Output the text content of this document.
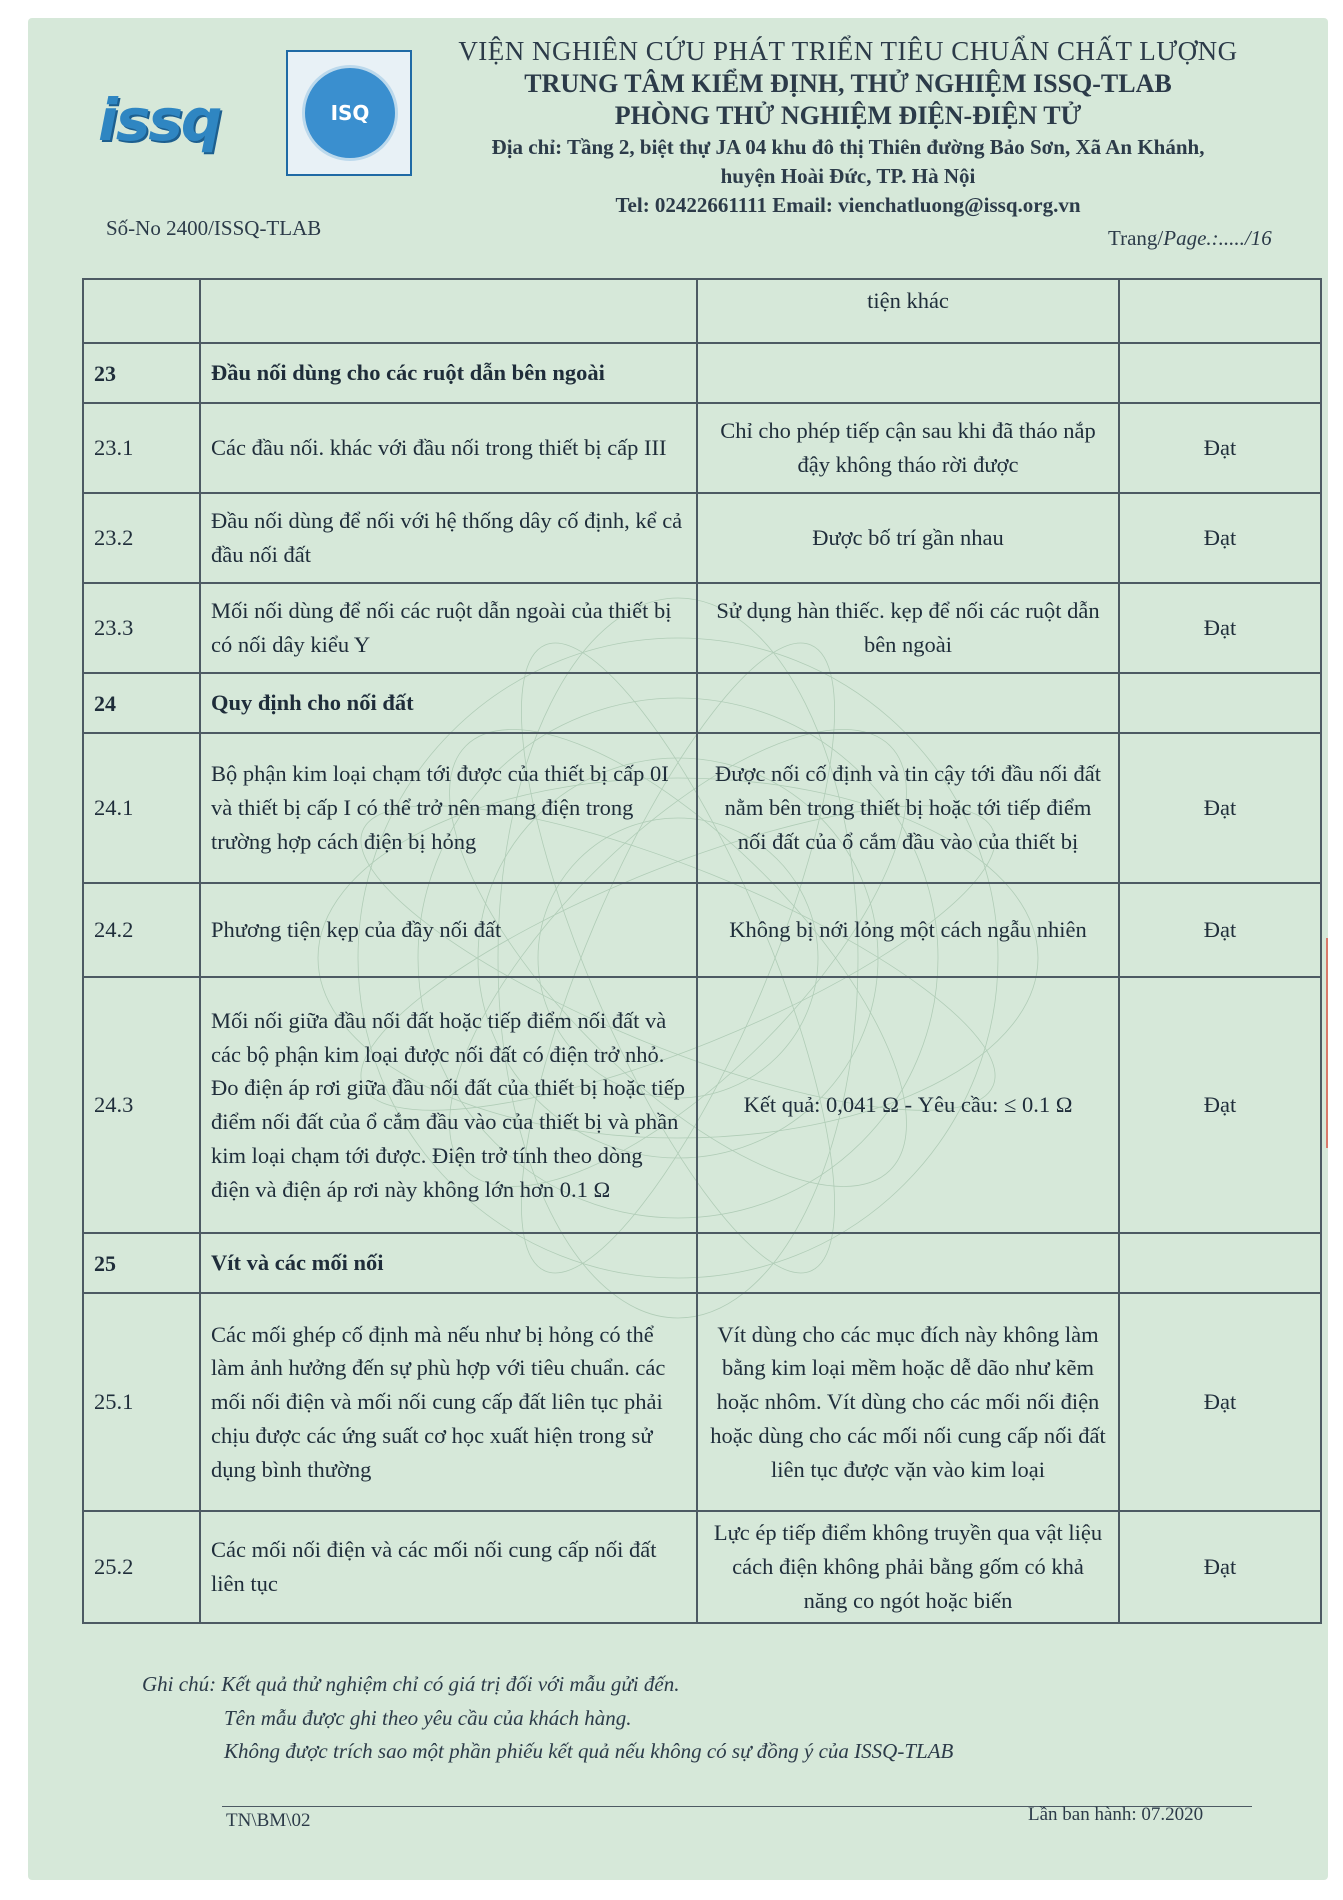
issq	ISQ
VIỆN NGHIÊN CỨU PHÁT TRIỂN TIÊU CHUẨN CHẤT LƯỢNG
TRUNG TÂM KIỂM ĐỊNH, THỬ NGHIỆM ISSQ-TLAB
PHÒNG THỬ NGHIỆM ĐIỆN-ĐIỆN TỬ
Địa chỉ: Tầng 2, biệt thự JA 04 khu đô thị Thiên đường Bảo Sơn, Xã An Khánh,
huyện Hoài Đức, TP. Hà Nội
Tel: 02422661111 Email: vienchatluong@issq.org.vn
Số-No 2400/ISSQ-TLAB	Trang/Page.:...../16
		tiện khác	
23	Đầu nối dùng cho các ruột dẫn bên ngoài		
23.1	Các đầu nối. khác với đầu nối trong thiết bị cấp III	Chỉ cho phép tiếp cận sau khi đã tháo nắp đậy không tháo rời được	Đạt
23.2	Đầu nối dùng để nối với hệ thống dây cố định, kể cả đầu nối đất	Được bố trí gần nhau	Đạt
23.3	Mối nối dùng để nối các ruột dẫn ngoài của thiết bị có nối dây kiểu Y	Sử dụng hàn thiếc. kẹp để nối các ruột dẫn bên ngoài	Đạt
24	Quy định cho nối đất		
24.1	Bộ phận kim loại chạm tới được của thiết bị cấp 0I và thiết bị cấp I có thể trở nên mang điện trong trường hợp cách điện bị hỏng	Được nối cố định và tin cậy tới đầu nối đất nằm bên trong thiết bị hoặc tới tiếp điểm nối đất của ổ cắm đầu vào của thiết bị	Đạt
24.2	Phương tiện kẹp của đầy nối đất	Không bị nới lỏng một cách ngẫu nhiên	Đạt
24.3	Mối nối giữa đầu nối đất hoặc tiếp điểm nối đất và các bộ phận kim loại được nối đất có điện trở nhỏ. Đo điện áp rơi giữa đầu nối đất của thiết bị hoặc tiếp điểm nối đất của ổ cắm đầu vào của thiết bị và phần kim loại chạm tới được. Điện trở tính theo dòng điện và điện áp rơi này không lớn hơn 0.1 Ω	Kết quả: 0,041 Ω - Yêu cầu: ≤ 0.1 Ω	Đạt
25	Vít và các mối nối		
25.1	Các mối ghép cố định mà nếu như bị hỏng có thể làm ảnh hưởng đến sự phù hợp với tiêu chuẩn. các mối nối điện và mối nối cung cấp đất liên tục phải chịu được các ứng suất cơ học xuất hiện trong sử dụng bình thường	Vít dùng cho các mục đích này không làm bằng kim loại mềm hoặc dễ dão như kẽm hoặc nhôm. Vít dùng cho các mối nối điện hoặc dùng cho các mối nối cung cấp nối đất liên tục được vặn vào kim loại	Đạt
25.2	Các mối nối điện và các mối nối cung cấp nối đất liên tục	Lực ép tiếp điểm không truyền qua vật liệu cách điện không phải bằng gốm có khả năng co ngót hoặc biến	Đạt
Ghi chú: Kết quả thử nghiệm chỉ có giá trị đối với mẫu gửi đến.
Tên mẫu được ghi theo yêu cầu của khách hàng.
Không được trích sao một phần phiếu kết quả nếu không có sự đồng ý của ISSQ-TLAB
TN\BM\02	Lần ban hành: 07.2020
